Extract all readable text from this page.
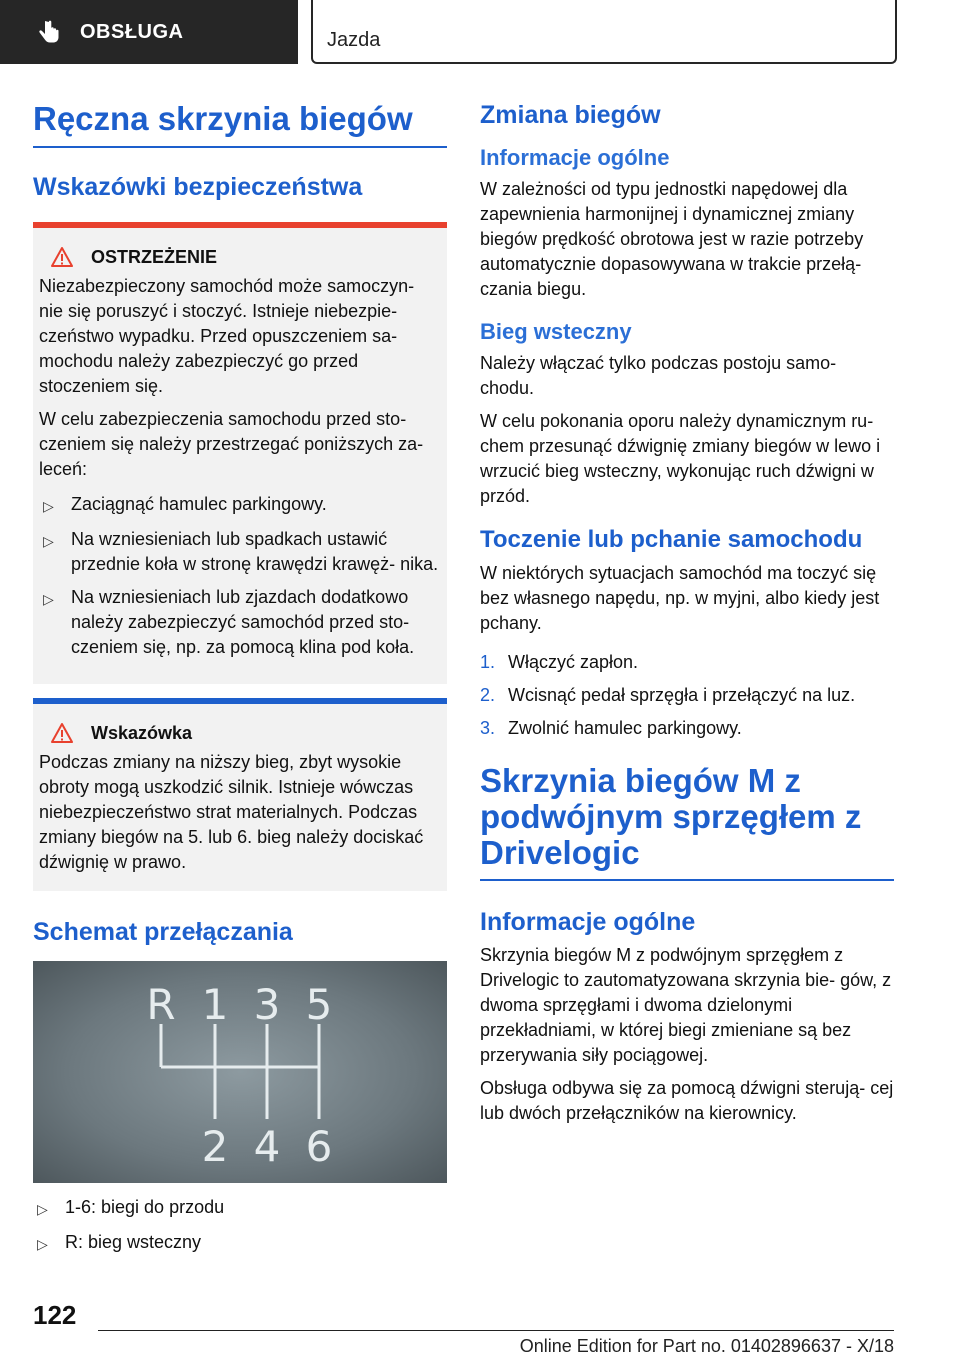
OBSŁUGA	Jazda
Ręczna skrzynia biegów
Wskazówki bezpieczeństwa
OSTRZEŻENIE

Niezabezpieczony samochód może samoczyn- nie się poruszyć i stoczyć. Istnieje niebezpie- czeństwo wypadku. Przed opuszczeniem sa- mochodu należy zabezpieczyć go przed stoczeniem się.

W celu zabezpieczenia samochodu przed sto- czeniem się należy przestrzegać poniższych za- leceń:

▷ Zaciągnąć hamulec parkingowy.
▷ Na wzniesieniach lub spadkach ustawić przednie koła w stronę krawędzi krawęż- nika.
▷ Na wzniesieniach lub zjazdach dodatkowo należy zabezpieczyć samochód przed sto- czeniem się, np. za pomocą klina pod koła.
Wskazówka

Podczas zmiany na niższy bieg, zbyt wysokie obroty mogą uszkodzić silnik. Istnieje wówczas niebezpieczeństwo strat materialnych. Podczas zmiany biegów na 5. lub 6. bieg należy dociskać dźwignię w prawo.

Schemat przełączania
R 1 3 5
2 4 6
▷ 1-6: biegi do przodu
▷ R: bieg wsteczny
Zmiana biegów
Informacje ogólne

W zależności od typu jednostki napędowej dla zapewnienia harmonijnej i dynamicznej zmiany biegów prędkość obrotowa jest w razie potrzeby automatycznie dopasowywana w trakcie przełą- czania biegu.

Bieg wsteczny

Należy włączać tylko podczas postoju samo- chodu.

W celu pokonania oporu należy dynamicznym ru- chem przesunąć dźwignię zmiany biegów w lewo i wrzucić bieg wsteczny, wykonując ruch dźwigni w przód.

Toczenie lub pchanie samochodu

W niektórych sytuacjach samochód ma toczyć się bez własnego napędu, np. w myjni, albo kiedy jest pchany.

1. Włączyć zapłon.
2. Wcisnąć pedał sprzęgła i przełączyć na luz.
3. Zwolnić hamulec parkingowy.
Skrzynia biegów M z podwójnym sprzęgłem z Drivelogic
Informacje ogólne

Skrzynia biegów M z podwójnym sprzęgłem z Drivelogic to zautomatyzowana skrzynia bie- gów, z dwoma sprzęgłami i dwoma dzielonymi przekładniami, w której biegi zmieniane są bez przerywania siły pociągowej.

Obsługa odbywa się za pomocą dźwigni sterują- cej lub dwóch przełączników na kierownicy.

122
Online Edition for Part no. 01402896637 - X/18
